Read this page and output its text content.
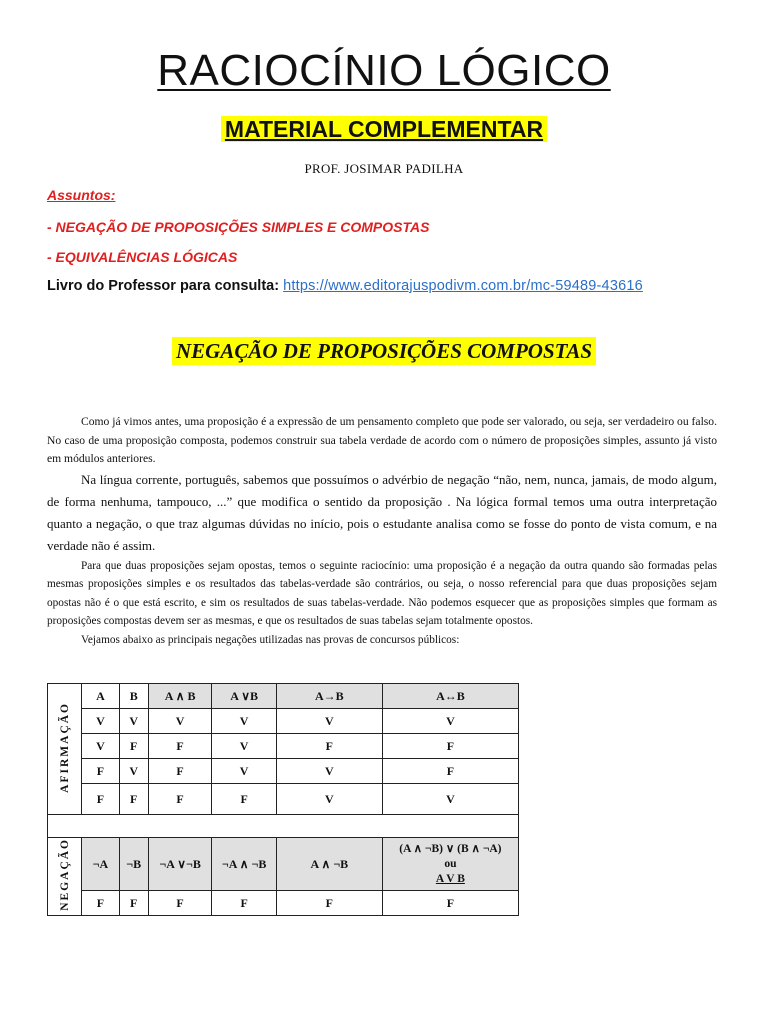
RACIOCÍNIO LÓGICO
MATERIAL COMPLEMENTAR
PROF. JOSIMAR PADILHA
Assuntos:
- NEGAÇÃO DE PROPOSIÇÕES SIMPLES E COMPOSTAS
- EQUIVALÊNCIAS LÓGICAS
Livro do Professor para consulta: https://www.editorajuspodivm.com.br/mc-59489-43616
NEGAÇÃO DE PROPOSIÇÕES COMPOSTAS

Como já vimos antes, uma proposição é a expressão de um pensamento completo que pode ser valorado, ou seja, ser verdadeiro ou falso. No caso de uma proposição composta, podemos construir sua tabela verdade de acordo com o número de proposições simples, assunto já visto em módulos anteriores.

Na língua corrente, português, sabemos que possuímos o advérbio de negação “não, nem, nunca, jamais, de modo algum, de forma nenhuma, tampouco, ...” que modifica o sentido da proposição . Na lógica formal temos uma outra interpretação quanto a negação, o que traz algumas dúvidas no início, pois o estudante analisa como se fosse do ponto de vista comum, e na verdade não é assim.

Para que duas proposições sejam opostas, temos o seguinte raciocínio: uma proposição é a negação da outra quando são formadas pelas mesmas proposições simples e os resultados das tabelas-verdade são contrários, ou seja, o nosso referencial para que duas proposições sejam opostas não é o que está escrito, e sim os resultados de suas tabelas-verdade. Não podemos esquecer que as proposições simples que formam as proposições compostas devem ser as mesmas, e que os resultados de suas tabelas sejam totalmente opostos.

Vejamos abaixo as principais negações utilizadas nas provas de concursos públicos:

AFIRMAÇÃO	A	B	A ∧ B	A ∨B	A→B	A↔B
	V	V	V	V	V	V
	V	F	F	V	F	F
	F	V	F	V	V	F
	F	F	F	F	V	V

NEGAÇÃO	¬A	¬B	¬A ∨¬B	¬A ∧ ¬B	A ∧ ¬B	(A ∧ ¬B) ∨ (B ∧ ¬A)
ou
A V B

	F	F	F	F	F	F
